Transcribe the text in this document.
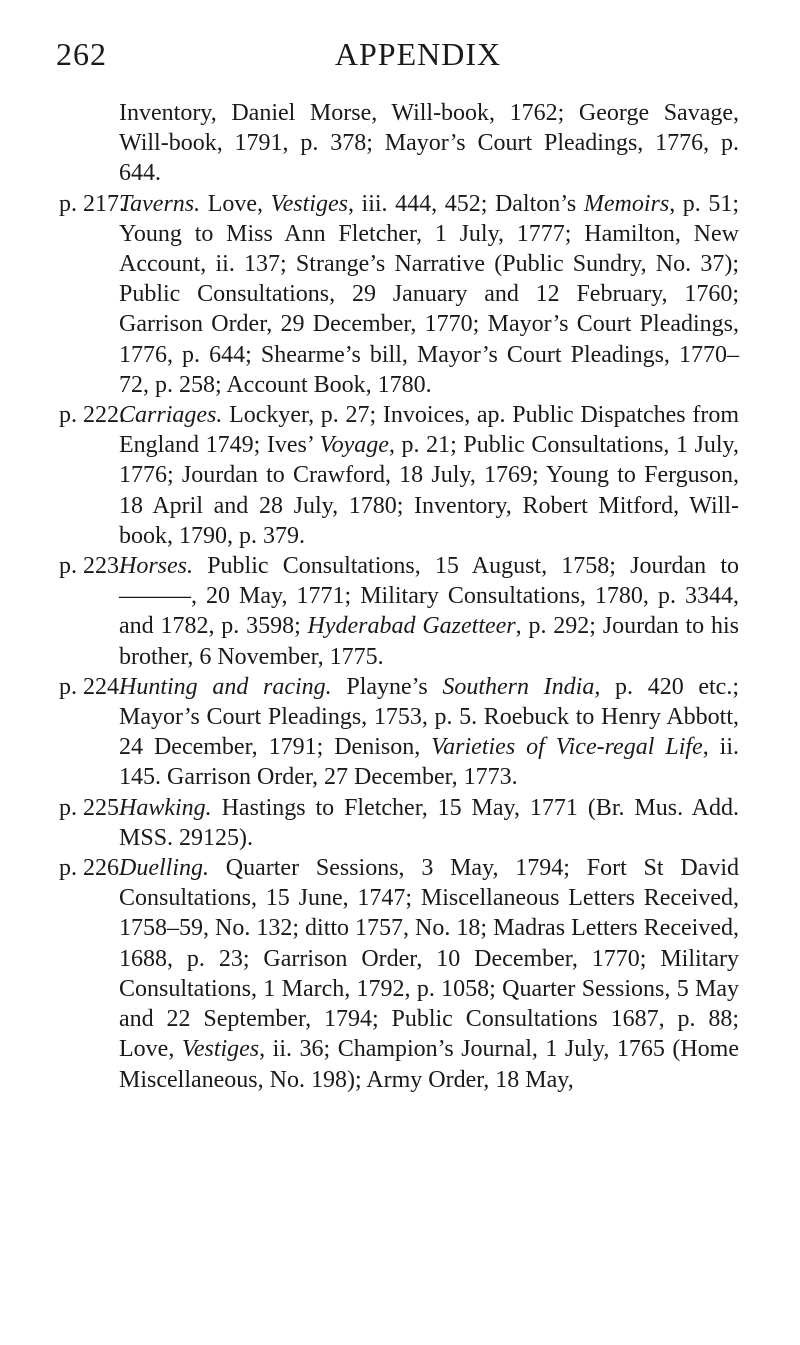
262	APPENDIX

Inventory, Daniel Morse, Will-book, 1762; George Savage, Will-book, 1791, p. 378; Mayor’s Court Pleadings, 1776, p. 644.

p. 217.
Taverns. Love, Vestiges, iii. 444, 452; Dalton’s Memoirs, p. 51; Young to Miss Ann Fletcher, 1 July, 1777; Hamilton, New Account, ii. 137; Strange’s Narrative (Public Sundry, No. 37); Public Consultations, 29 January and 12 February, 1760; Garrison Order, 29 December, 1770; Mayor’s Court Pleadings, 1776, p. 644; Shearme’s bill, Mayor’s Court Pleadings, 1770–72, p. 258; Account Book, 1780.

p. 222.
Carriages. Lockyer, p. 27; Invoices, ap. Public Dispatches from England 1749; Ives’ Voyage, p. 21; Public Consultations, 1 July, 1776; Jourdan to Crawford, 18 July, 1769; Young to Ferguson, 18 April and 28 July, 1780; Inventory, Robert Mitford, Will-book, 1790, p. 379.

p. 223.
Horses. Public Consultations, 15 August, 1758; Jourdan to ———, 20 May, 1771; Military Consultations, 1780, p. 3344, and 1782, p. 3598; Hyderabad Gazetteer, p. 292; Jourdan to his brother, 6 November, 1775.

p. 224.
Hunting and racing. Playne’s Southern India, p. 420 etc.; Mayor’s Court Pleadings, 1753, p. 5. Roebuck to Henry Abbott, 24 December, 1791; Denison, Varieties of Vice-regal Life, ii. 145. Garrison Order, 27 December, 1773.

p. 225.
Hawking. Hastings to Fletcher, 15 May, 1771 (Br. Mus. Add. MSS. 29125).

p. 226.
Duelling. Quarter Sessions, 3 May, 1794; Fort St David Consultations, 15 June, 1747; Miscellaneous Letters Received, 1758–59, No. 132; ditto 1757, No. 18; Madras Letters Received, 1688, p. 23; Garrison Order, 10 December, 1770; Military Consultations, 1 March, 1792, p. 1058; Quarter Sessions, 5 May and 22 September, 1794; Public Consultations 1687, p. 88; Love, Vestiges, ii. 36; Champion’s Journal, 1 July, 1765 (Home Miscellaneous, No. 198); Army Order, 18 May,
